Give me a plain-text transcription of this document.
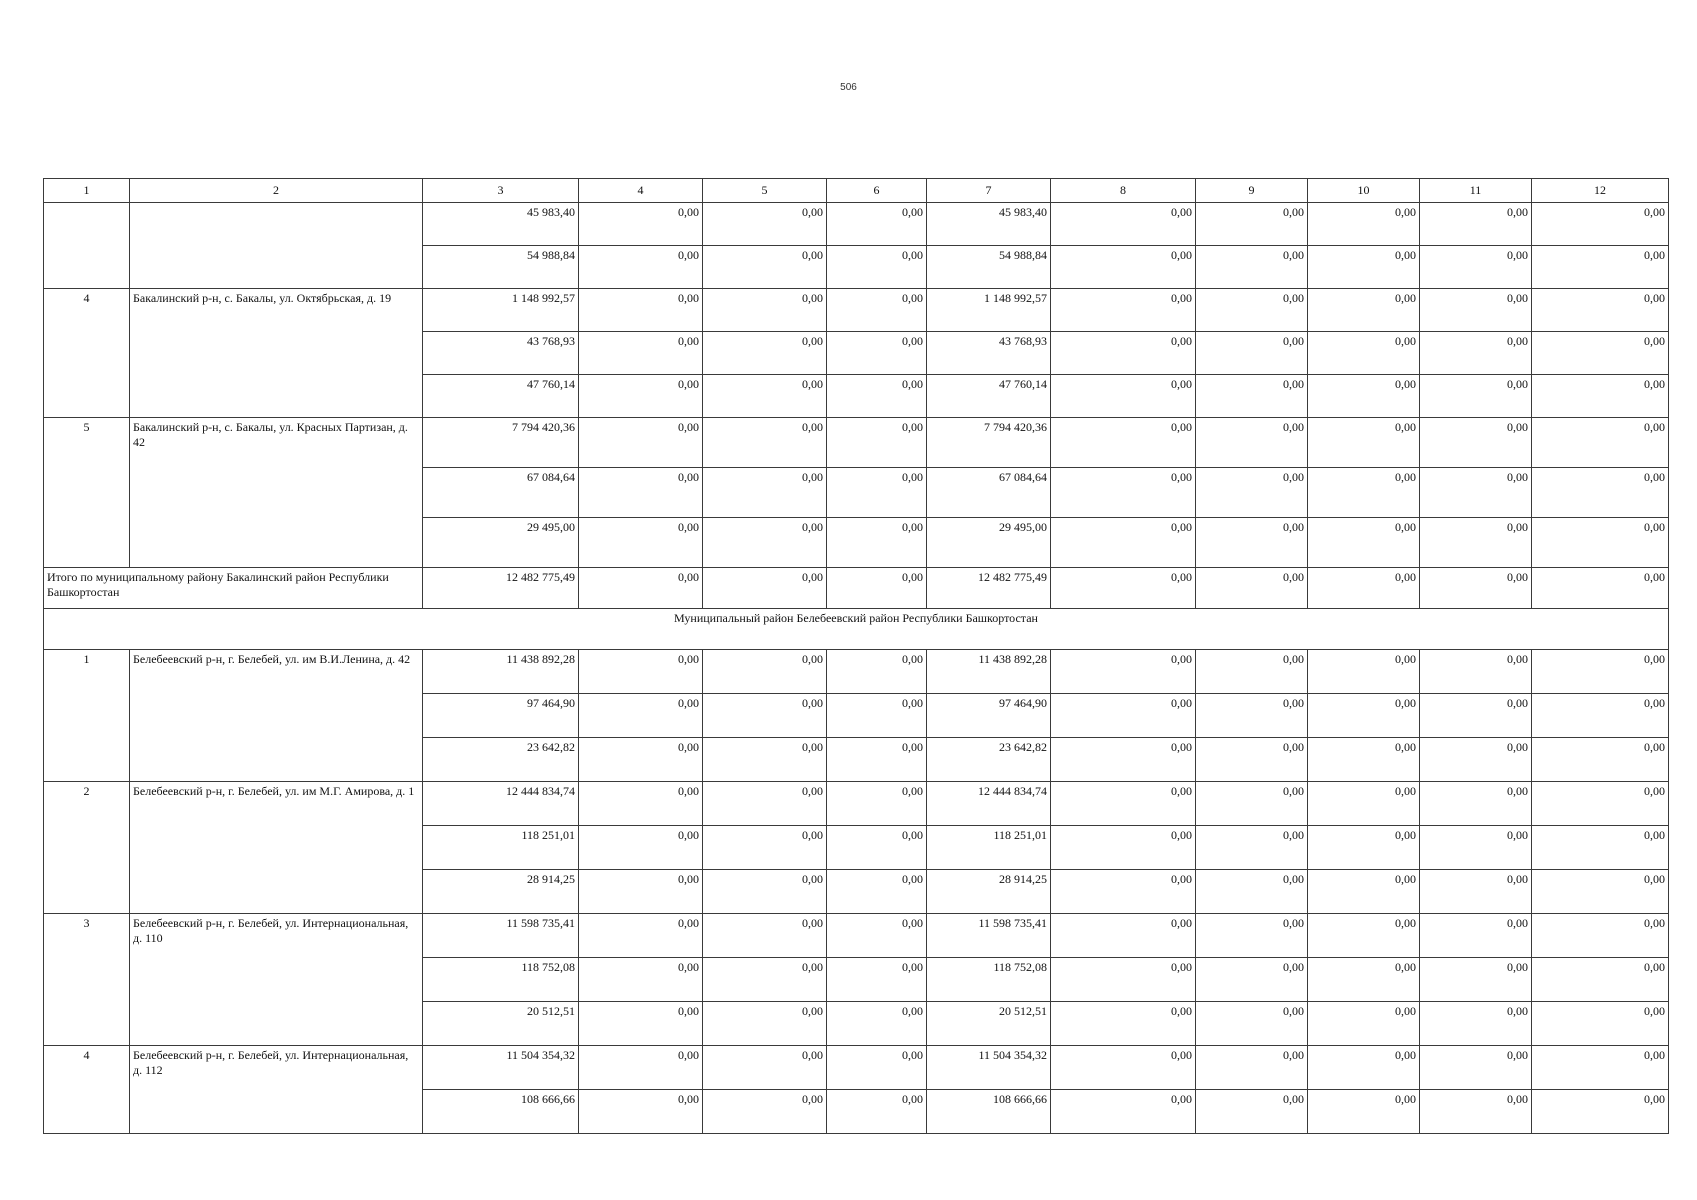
506
1	2	3	4	5	6	7	8	9	10	11	12
		45 983,40	0,00	0,00	0,00	45 983,40	0,00	0,00	0,00	0,00	0,00
		54 988,84	0,00	0,00	0,00	54 988,84	0,00	0,00	0,00	0,00	0,00
4	Бакалинский р-н, с. Бакалы, ул. Октябрьская, д. 19	1 148 992,57	0,00	0,00	0,00	1 148 992,57	0,00	0,00	0,00	0,00	0,00
		43 768,93	0,00	0,00	0,00	43 768,93	0,00	0,00	0,00	0,00	0,00
		47 760,14	0,00	0,00	0,00	47 760,14	0,00	0,00	0,00	0,00	0,00
5	Бакалинский р-н, с. Бакалы, ул. Красных Партизан, д. 42	7 794 420,36	0,00	0,00	0,00	7 794 420,36	0,00	0,00	0,00	0,00	0,00
		67 084,64	0,00	0,00	0,00	67 084,64	0,00	0,00	0,00	0,00	0,00
		29 495,00	0,00	0,00	0,00	29 495,00	0,00	0,00	0,00	0,00	0,00
Итого по муниципальному району Бакалинский район Республики Башкортостан		12 482 775,49	0,00	0,00	0,00	12 482 775,49	0,00	0,00	0,00	0,00	0,00
Муниципальный район Белебеевский район Республики Башкортостан											
1	Белебеевский р-н, г. Белебей, ул. им В.И.Ленина, д. 42	11 438 892,28	0,00	0,00	0,00	11 438 892,28	0,00	0,00	0,00	0,00	0,00
		97 464,90	0,00	0,00	0,00	97 464,90	0,00	0,00	0,00	0,00	0,00
		23 642,82	0,00	0,00	0,00	23 642,82	0,00	0,00	0,00	0,00	0,00
2	Белебеевский р-н, г. Белебей, ул. им М.Г. Амирова, д. 1	12 444 834,74	0,00	0,00	0,00	12 444 834,74	0,00	0,00	0,00	0,00	0,00
		118 251,01	0,00	0,00	0,00	118 251,01	0,00	0,00	0,00	0,00	0,00
		28 914,25	0,00	0,00	0,00	28 914,25	0,00	0,00	0,00	0,00	0,00
3	Белебеевский р-н, г. Белебей, ул. Интернациональная, д. 110	11 598 735,41	0,00	0,00	0,00	11 598 735,41	0,00	0,00	0,00	0,00	0,00
		118 752,08	0,00	0,00	0,00	118 752,08	0,00	0,00	0,00	0,00	0,00
		20 512,51	0,00	0,00	0,00	20 512,51	0,00	0,00	0,00	0,00	0,00
4	Белебеевский р-н, г. Белебей, ул. Интернациональная, д. 112	11 504 354,32	0,00	0,00	0,00	11 504 354,32	0,00	0,00	0,00	0,00	0,00
		108 666,66	0,00	0,00	0,00	108 666,66	0,00	0,00	0,00	0,00	0,00
